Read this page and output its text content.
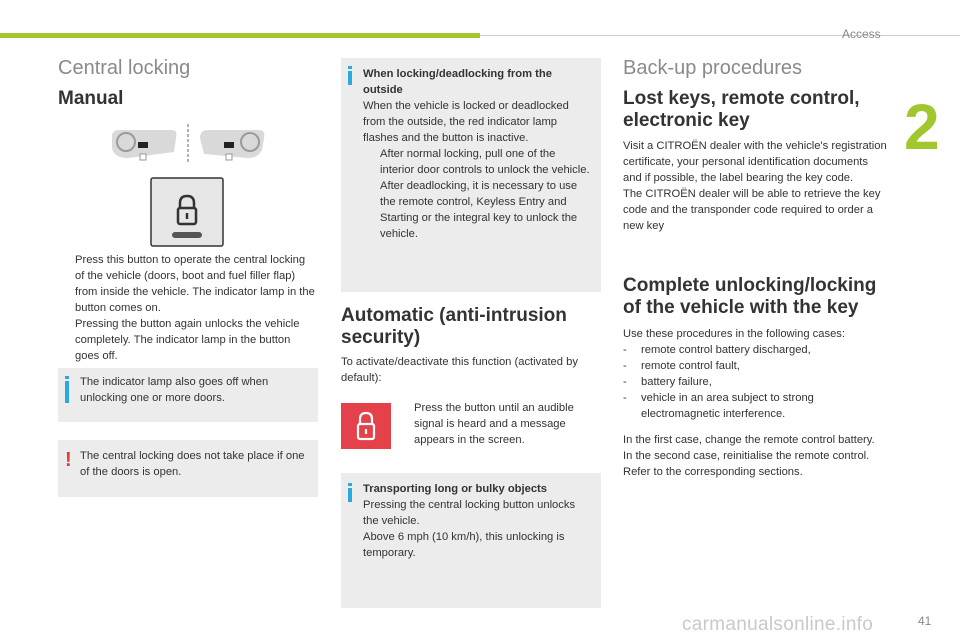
Access
2
Central locking
Manual
Press this button to operate the central locking of the vehicle (doors, boot and fuel filler flap) from inside the vehicle. The indicator lamp in the button comes on.
Pressing the button again unlocks the vehicle completely. The indicator lamp in the button goes off.
The indicator lamp also goes off when unlocking one or more doors.
! The central locking does not take place if one of the doors is open.
When locking/deadlocking from the outside
When the vehicle is locked or deadlocked from the outside, the red indicator lamp flashes and the button is inactive.
After normal locking, pull one of the interior door controls to unlock the vehicle.
After deadlocking, it is necessary to use the remote control, Keyless Entry and Starting or the integral key to unlock the vehicle.
Automatic (anti-intrusion security)
To activate/deactivate this function (activated by default):
Press the button until an audible signal is heard and a message appears in the screen.
Transporting long or bulky objects
Pressing the central locking button unlocks the vehicle.
Above 6 mph (10 km/h), this unlocking is temporary.
Back-up procedures
Lost keys, remote control, electronic key
Visit a CITROËN dealer with the vehicle's registration certificate, your personal identification documents and if possible, the label bearing the key code.
The CITROËN dealer will be able to retrieve the key code and the transponder code required to order a new key
Complete unlocking/locking of the vehicle with the key
Use these procedures in the following cases:
-	remote control battery discharged,
-	remote control fault,
-	battery failure,
-	vehicle in an area subject to strong electromagnetic interference.
In the first case, change the remote control battery.
In the second case, reinitialise the remote control.
Refer to the corresponding sections.
carmanualsonline.info	41
